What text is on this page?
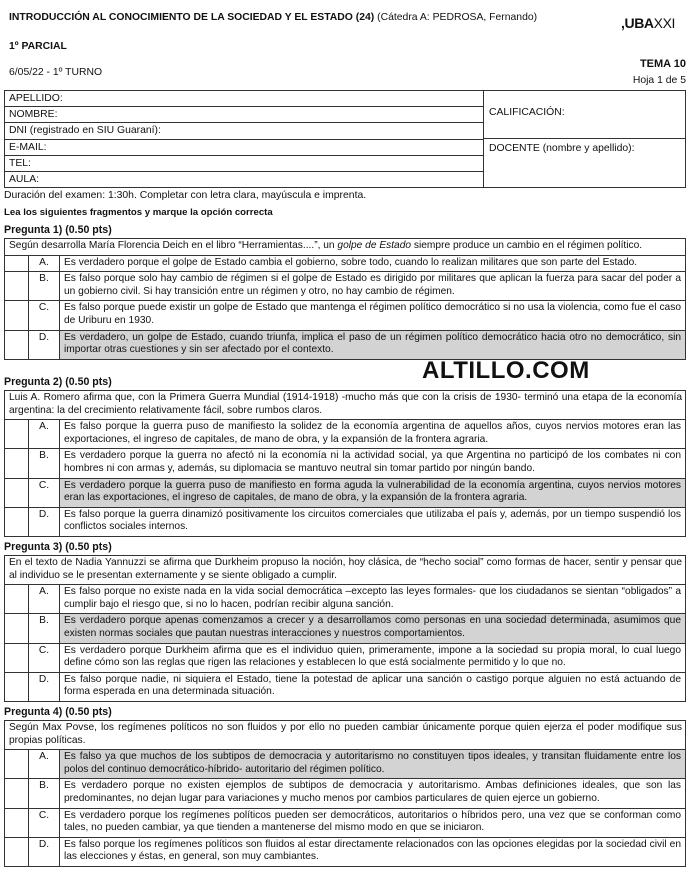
INTRODUCCIÓN AL CONOCIMIENTO DE LA SOCIEDAD Y EL ESTADO (24) (Cátedra A: PEDROSA, Fernando)
1º PARCIAL
6/05/22 - 1º TURNO
,UBAXXI
TEMA 10
Hoja 1 de 5
APELLIDO:
NOMBRE:
DNI (registrado en SIU Guaraní):
E-MAIL:
TEL:
AULA:
CALIFICACIÓN:
DOCENTE (nombre y apellido):
Duración del examen: 1:30h. Completar con letra clara, mayúscula e imprenta.
Lea los siguientes fragmentos y marque la opción correcta
Pregunta 1) (0.50 pts)
Según desarrolla María Florencia Deich en el libro “Herramientas....”, un golpe de Estado siempre produce un cambio en el régimen político.
A.	Es verdadero porque el golpe de Estado cambia el gobierno, sobre todo, cuando lo realizan militares que son parte del Estado.
B.	Es falso porque solo hay cambio de régimen si el golpe de Estado es dirigido por militares que aplican la fuerza para sacar del poder a un gobierno civil. Si hay transición entre un régimen y otro, no hay cambio de régimen.
C.	Es falso porque puede existir un golpe de Estado que mantenga el régimen político democrático si no usa la violencia, como fue el caso de Uriburu en 1930.
D.	Es verdadero, un golpe de Estado, cuando triunfa, implica el paso de un régimen político democrático hacia otro no democrático, sin importar otras cuestiones y sin ser afectado por el contexto.
ALTILLO.COM
Pregunta 2) (0.50 pts)
Luis A. Romero afirma que, con la Primera Guerra Mundial (1914-1918) -mucho más que con la crisis de 1930- terminó una etapa de la economía argentina: la del crecimiento relativamente fácil, sobre rumbos claros.
A.	Es falso porque la guerra puso de manifiesto la solidez de la economía argentina de aquellos años, cuyos nervios motores eran las exportaciones, el ingreso de capitales, de mano de obra, y la expansión de la frontera agraria.
B.	Es verdadero porque la guerra no afectó ni la economía ni la actividad social, ya que Argentina no participó de los combates ni con hombres ni con armas y, además, su diplomacia se mantuvo neutral sin tomar partido por ningún bando.
C.	Es verdadero porque la guerra puso de manifiesto en forma aguda la vulnerabilidad de la economía argentina, cuyos nervios motores eran las exportaciones, el ingreso de capitales, de mano de obra, y la expansión de la frontera agraria.
D.	Es falso porque la guerra dinamizó positivamente los circuitos comerciales que utilizaba el país y, además, por un tiempo suspendió los conflictos sociales internos.
Pregunta 3) (0.50 pts)
En el texto de Nadia Yannuzzi se afirma que Durkheim propuso la noción, hoy clásica, de “hecho social” como formas de hacer, sentir y pensar que al individuo se le presentan externamente y se siente obligado a cumplir.
A.	Es falso porque no existe nada en la vida social democrática –excepto las leyes formales- que los ciudadanos se sientan “obligados” a cumplir bajo el riesgo que, si no lo hacen, podrían recibir alguna sanción.
B.	Es verdadero porque apenas comenzamos a crecer y a desarrollamos como personas en una sociedad determinada, asumimos que existen normas sociales que pautan nuestras interacciones y nuestros comportamientos.
C.	Es verdadero porque Durkheim afirma que es el individuo quien, primeramente, impone a la sociedad su propia moral, lo cual luego define cómo son las reglas que rigen las relaciones y establecen lo que está socialmente permitido y lo que no.
D.	Es falso porque nadie, ni siquiera el Estado, tiene la potestad de aplicar una sanción o castigo porque alguien no está actuando de forma esperada en una determinada situación.
Pregunta 4) (0.50 pts)
Según Max Povse, los regímenes políticos no son fluidos y por ello no pueden cambiar únicamente porque quien ejerza el poder modifique sus propias políticas.
A.	Es falso ya que muchos de los subtipos de democracia y autoritarismo no constituyen tipos ideales, y transitan fluidamente entre los polos del continuo democrático-híbrido- autoritario del régimen político.
B.	Es verdadero porque no existen ejemplos de subtipos de democracia y autoritarismo. Ambas definiciones ideales, que son las predominantes, no dejan lugar para variaciones y mucho menos por cambios particulares de quien ejerce un gobierno.
C.	Es verdadero porque los regímenes políticos pueden ser democráticos, autoritarios o híbridos pero, una vez que se conforman como tales, no pueden cambiar, ya que tienden a mantenerse del mismo modo en que se iniciaron.
D.	Es falso porque los regímenes políticos son fluidos al estar directamente relacionados con las opciones elegidas por la sociedad civil en las elecciones y éstas, en general, son muy cambiantes.
